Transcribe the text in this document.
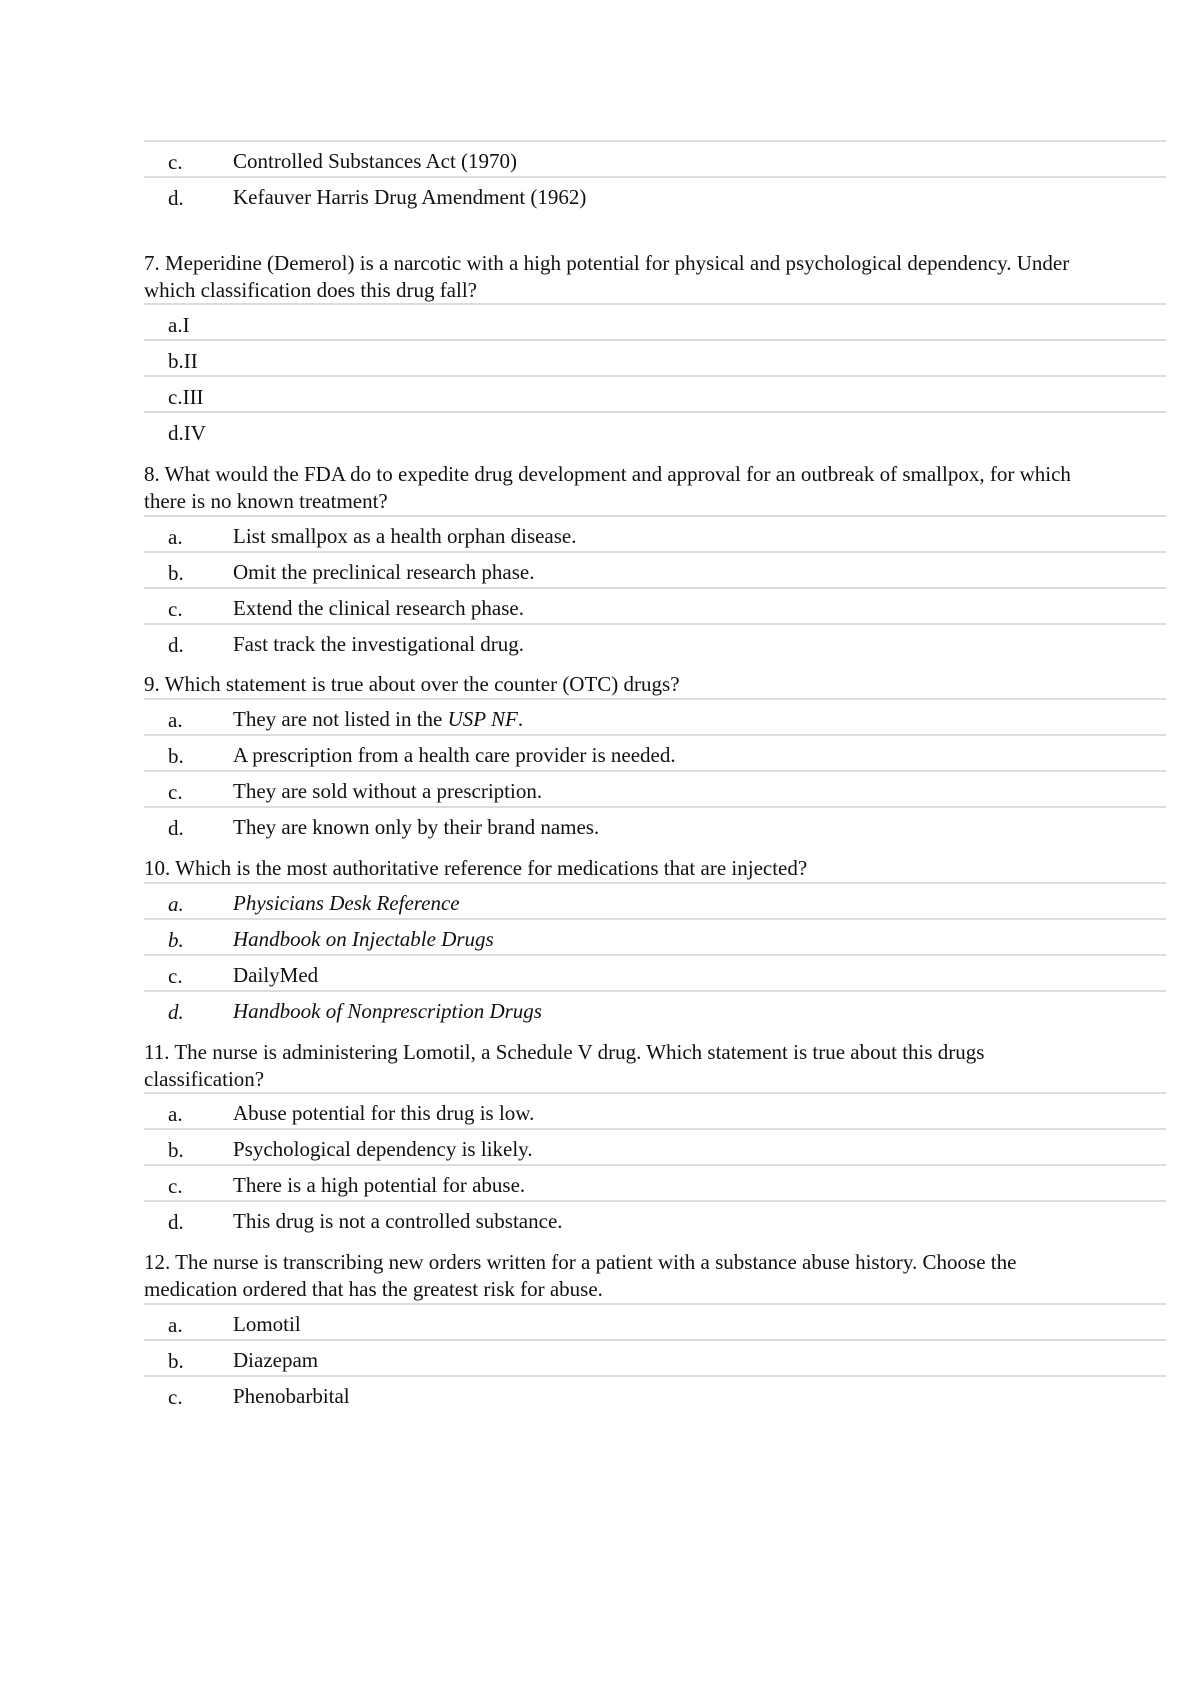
c.	Controlled Substances Act (1970)
d.	Kefauver Harris Drug Amendment (1962)
7. Meperidine (Demerol) is a narcotic with a high potential for physical and psychological dependency. Under which classification does this drug fall?
a.I
b.II
c.III
d.IV
8. What would the FDA do to expedite drug development and approval for an outbreak of smallpox, for which there is no known treatment?
a.	List smallpox as a health orphan disease.
b.	Omit the preclinical research phase.
c.	Extend the clinical research phase.
d.	Fast track the investigational drug.
9. Which statement is true about over the counter (OTC) drugs?
a.	They are not listed in the USP NF.
b.	A prescription from a health care provider is needed.
c.	They are sold without a prescription.
d.	They are known only by their brand names.
10. Which is the most authoritative reference for medications that are injected?
a.	Physicians Desk Reference
b.	Handbook on Injectable Drugs
c.	DailyMed
d.	Handbook of Nonprescription Drugs
11. The nurse is administering Lomotil, a Schedule V drug. Which statement is true about this drugs classification?
a.	Abuse potential for this drug is low.
b.	Psychological dependency is likely.
c.	There is a high potential for abuse.
d.	This drug is not a controlled substance.
12. The nurse is transcribing new orders written for a patient with a substance abuse history. Choose the medication ordered that has the greatest risk for abuse.
a.	Lomotil
b.	Diazepam
c.	Phenobarbital
